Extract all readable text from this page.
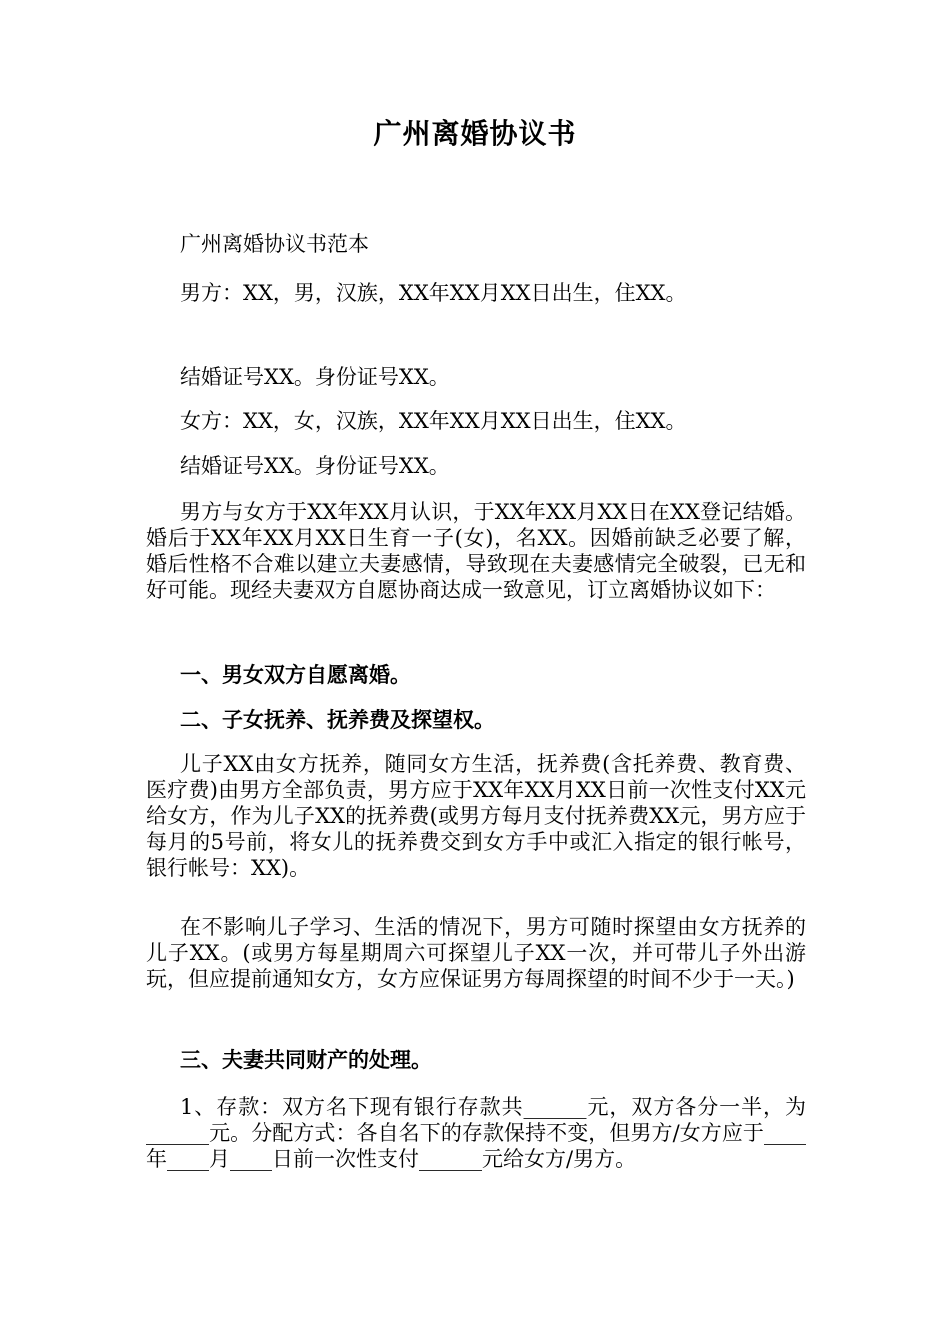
广州离婚协议书

广州离婚协议书范本

男方：XX，男，汉族，XX年XX月XX日出生，住XX。

结婚证号XX。身份证号XX。

女方：XX，女，汉族，XX年XX月XX日出生，住XX。

结婚证号XX。身份证号XX。

男方与女方于XX年XX月认识，于XX年XX月XX日在XX登记结婚。婚后于XX年XX月XX日生育一子(女)，名XX。因婚前缺乏必要了解，婚后性格不合难以建立夫妻感情，导致现在夫妻感情完全破裂，已无和好可能。现经夫妻双方自愿协商达成一致意见，订立离婚协议如下：

一、男女双方自愿离婚。

二、子女抚养、抚养费及探望权。

儿子XX由女方抚养，随同女方生活，抚养费(含托养费、教育费、医疗费)由男方全部负责，男方应于XX年XX月XX日前一次性支付XX元给女方，作为儿子XX的抚养费(或男方每月支付抚养费XX元，男方应于每月的5号前，将女儿的抚养费交到女方手中或汇入指定的银行帐号，银行帐号：XX)。

在不影响儿子学习、生活的情况下，男方可随时探望由女方抚养的儿子XX。(或男方每星期周六可探望儿子XX一次，并可带儿子外出游玩，但应提前通知女方，女方应保证男方每周探望的时间不少于一天。)

三、夫妻共同财产的处理。

1、存款：双方名下现有银行存款共______元，双方各分一半，为______元。分配方式：各自名下的存款保持不变，但男方/女方应于____年____月____日前一次性支付______元给女方/男方。
